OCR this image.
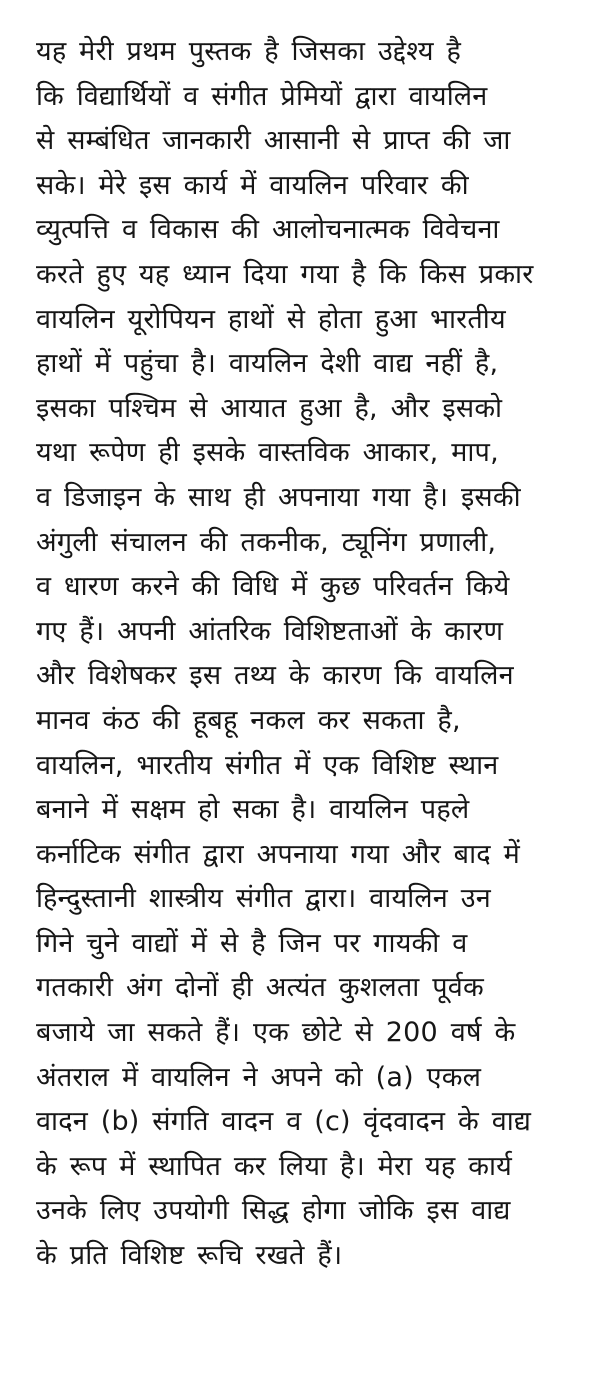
यह मेरी प्रथम पुस्तक है जिसका उद्देश्य है
कि विद्यार्थियों व संगीत प्रेमियों द्वारा वायलिन
से सम्बंधित जानकारी आसानी से प्राप्त की जा
सके। मेरे इस कार्य में वायलिन परिवार की
व्युत्पत्ति व विकास की आलोचनात्मक विवेचना
करते हुए यह ध्यान दिया गया है कि किस प्रकार
वायलिन यूरोपियन हाथों से होता हुआ भारतीय
हाथों में पहुंचा है। वायलिन देशी वाद्य नहीं है,
इसका पश्चिम से आयात हुआ है, और इसको
यथा रूपेण ही इसके वास्तविक आकार, माप,
व डिजाइन के साथ ही अपनाया गया है। इसकी
अंगुली संचालन की तकनीक, ट्यूनिंग प्रणाली,
व धारण करने की विधि में कुछ परिवर्तन किये
गए हैं। अपनी आंतरिक विशिष्टताओं के कारण
और विशेषकर इस तथ्य के कारण कि वायलिन
मानव कंठ की हूबहू नकल कर सकता है,
वायलिन, भारतीय संगीत में एक विशिष्ट स्थान
बनाने में सक्षम हो सका है। वायलिन पहले
कर्नाटिक संगीत द्वारा अपनाया गया और बाद में
हिन्दुस्तानी शास्त्रीय संगीत द्वारा। वायलिन उन
गिने चुने वाद्यों में से है जिन पर गायकी व
गतकारी अंग दोनों ही अत्यंत कुशलता पूर्वक
बजाये जा सकते हैं। एक छोटे से 200 वर्ष के
अंतराल में वायलिन ने अपने को (a) एकल
वादन (b) संगति वादन व (c) वृंदवादन के वाद्य
के रूप में स्थापित कर लिया है। मेरा यह कार्य
उनके लिए उपयोगी सिद्ध होगा जोकि इस वाद्य
के प्रति विशिष्ट रूचि रखते हैं।
